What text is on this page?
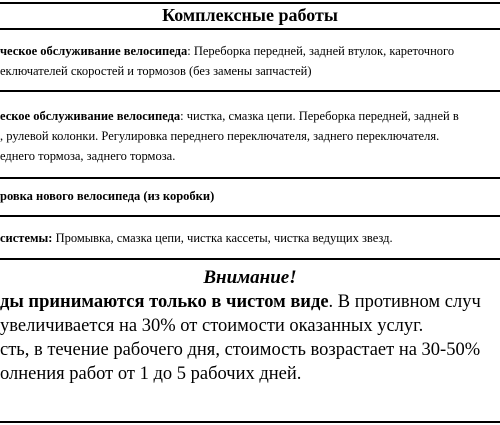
Комплексные работы
ческое обслуживание велосипеда: Переборка передней, задней втулок, кареточного
еключателей скоростей и тормозов (без замены запчастей)
еское обслуживание велосипеда: чистка, смазка цепи. Переборка передней, задней в
, рулевой колонки. Регулировка переднего переключателя, заднего переключателя.
еднего тормоза, заднего тормоза.
ровка нового велосипеда (из коробки)
системы: Промывка, смазка цепи, чистка кассеты, чистка ведущих звезд.
Внимание!
ды принимаются только в чистом виде. В противном случ
увеличивается на 30% от стоимости оказанных услуг.
сть, в течение рабочего дня, стоимость возрастает на 30-50%
олнения работ от 1 до 5 рабочих дней.
